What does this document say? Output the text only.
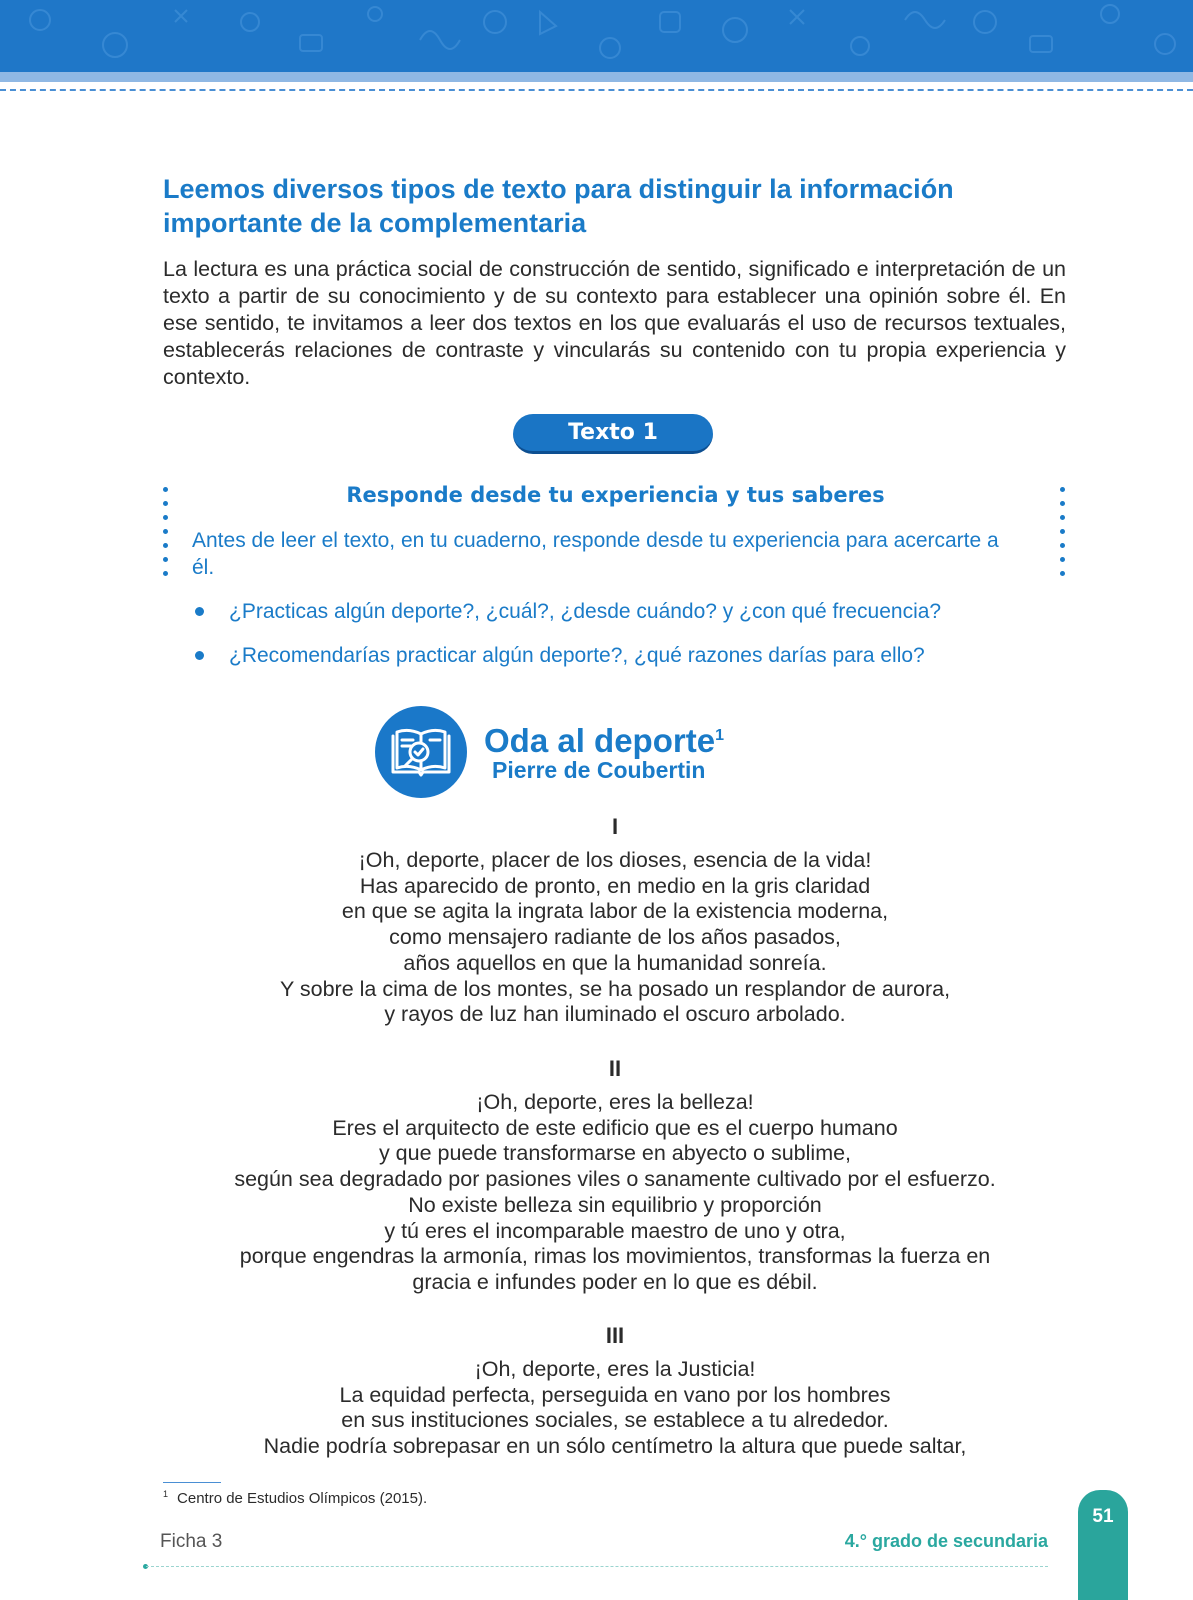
Leemos diversos tipos de texto para distinguir la información importante de la complementaria

La lectura es una práctica social de construcción de sentido, significado e interpretación de un texto a partir de su conocimiento y de su contexto para establecer una opinión sobre él. En ese sentido, te invitamos a leer dos textos en los que evaluarás el uso de recursos textuales, establecerás relaciones de contraste y vincularás su contenido con tu propia experiencia y contexto.

Texto 1
Responde desde tu experiencia y tus saberes

Antes de leer el texto, en tu cuaderno, responde desde tu experiencia para acercarte a él.

¿Practicas algún deporte?, ¿cuál?, ¿desde cuándo? y ¿con qué frecuencia?
¿Recomendarías practicar algún deporte?, ¿qué razones darías para ello?
Oda al deporte$^1$
Pierre de Coubertin
I
¡Oh, deporte, placer de los dioses, esencia de la vida!
Has aparecido de pronto, en medio en la gris claridad
en que se agita la ingrata labor de la existencia moderna,
como mensajero radiante de los años pasados,
años aquellos en que la humanidad sonreía.
Y sobre la cima de los montes, se ha posado un resplandor de aurora,
y rayos de luz han iluminado el oscuro arbolado.
II
¡Oh, deporte, eres la belleza!
Eres el arquitecto de este edificio que es el cuerpo humano
y que puede transformarse en abyecto o sublime,
según sea degradado por pasiones viles o sanamente cultivado por el esfuerzo.
No existe belleza sin equilibrio y proporción
y tú eres el incomparable maestro de uno y otra,
porque engendras la armonía, rimas los movimientos, transformas la fuerza en
gracia e infundes poder en lo que es débil.
III
¡Oh, deporte, eres la Justicia!
La equidad perfecta, perseguida en vano por los hombres
en sus instituciones sociales, se establece a tu alrededor.
Nadie podría sobrepasar en un sólo centímetro la altura que puede saltar,
$^1$ Centro de Estudios Olímpicos (2015).
Ficha 3	4.° grado de secundaria
51
